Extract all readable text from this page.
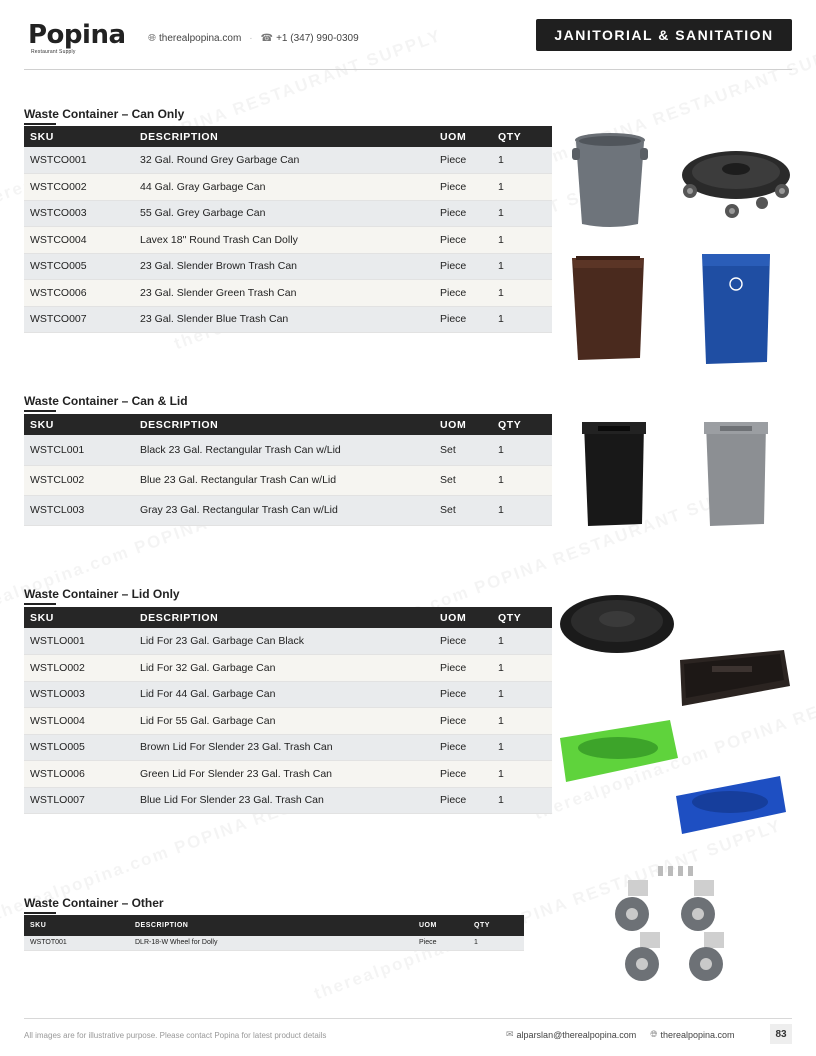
Popina
Restaurant Supply
🌐︎ therealpopina.com · ☎ +1 (347) 990-0309	JANITORIAL & SANITATION
Waste Container – Can Only
SKU	DESCRIPTION	UOM	QTY
WSTCO001	32 Gal. Round Grey Garbage Can	Piece	1
WSTCO002	44 Gal. Gray Garbage Can	Piece	1
WSTCO003	55 Gal. Grey Garbage Can	Piece	1
WSTCO004	Lavex 18" Round Trash Can Dolly	Piece	1
WSTCO005	23 Gal. Slender Brown Trash Can	Piece	1
WSTCO006	23 Gal. Slender Green Trash Can	Piece	1
WSTCO007	23 Gal. Slender Blue Trash Can	Piece	1
Waste Container – Can & Lid
SKU	DESCRIPTION	UOM	QTY
WSTCL001	Black 23 Gal. Rectangular Trash Can w/Lid	Set	1
WSTCL002	Blue 23 Gal. Rectangular Trash Can w/Lid	Set	1
WSTCL003	Gray 23 Gal. Rectangular Trash Can w/Lid	Set	1
Waste Container – Lid Only
SKU	DESCRIPTION	UOM	QTY
WSTLO001	Lid For 23 Gal. Garbage Can Black	Piece	1
WSTLO002	Lid For 32 Gal. Garbage Can	Piece	1
WSTLO003	Lid For 44 Gal. Garbage Can	Piece	1
WSTLO004	Lid For 55 Gal. Garbage Can	Piece	1
WSTLO005	Brown Lid For Slender 23 Gal. Trash Can	Piece	1
WSTLO006	Green Lid For Slender 23 Gal. Trash Can	Piece	1
WSTLO007	Blue Lid For Slender 23 Gal. Trash Can	Piece	1
Waste Container – Other
SKU	DESCRIPTION	UOM	QTY
WSTOT001	DLR-18-W Wheel for Dolly	Piece	1
All images are for illustrative purpose. Please contact Popina for latest product details	✉ alparslan@therealpopina.com 🌐︎ therealpopina.com	83
